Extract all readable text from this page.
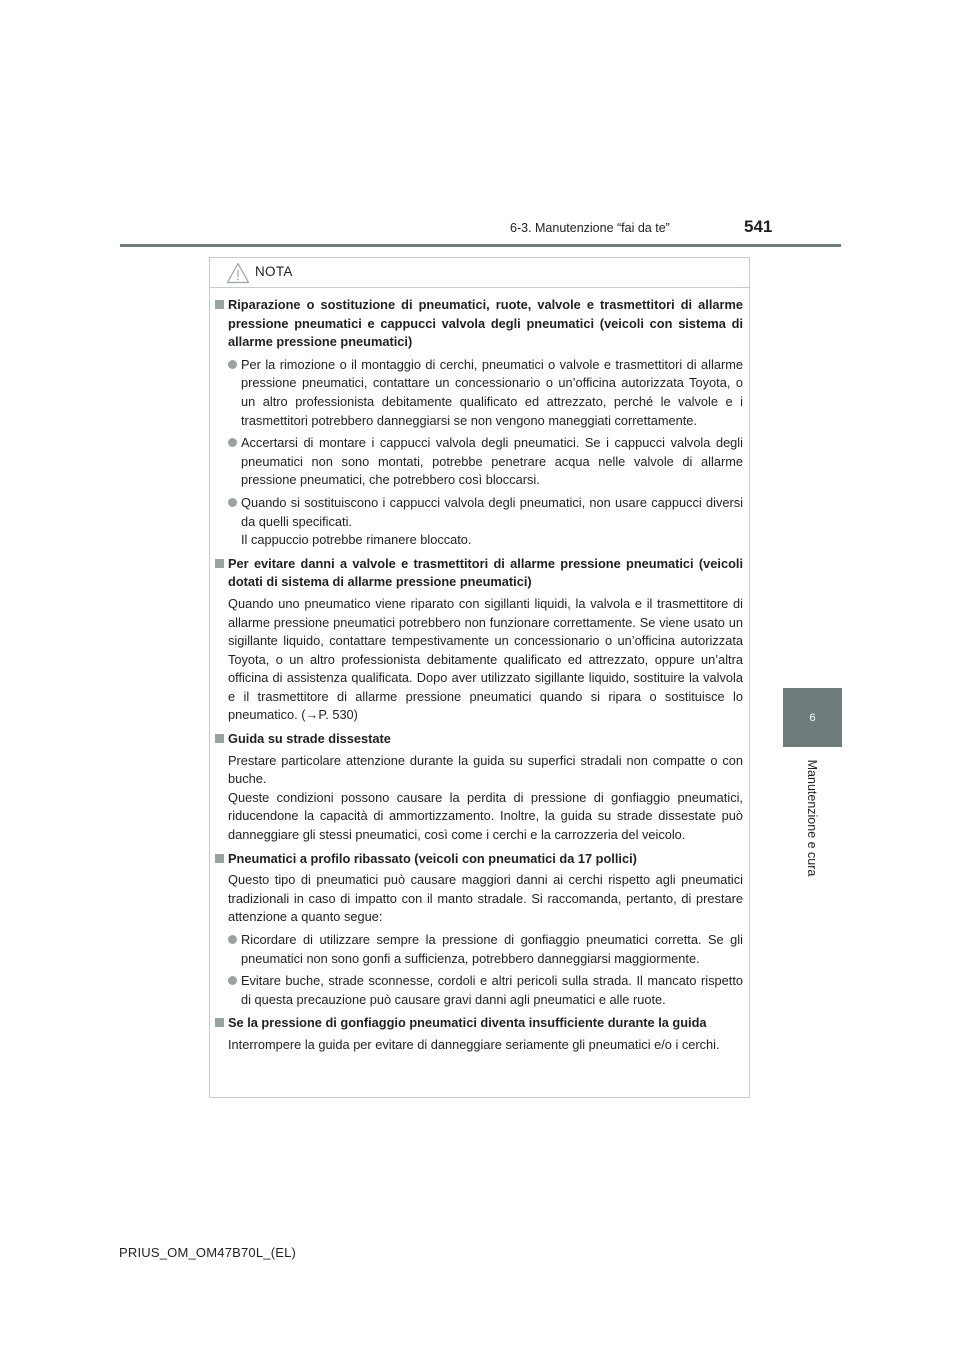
6-3. Manutenzione “fai da te”	541
6
Manutenzione e cura
NOTA
Riparazione o sostituzione di pneumatici, ruote, valvole e trasmettitori di allarme pressione pneumatici e cappucci valvola degli pneumatici (veicoli con sistema di allarme pressione pneumatici)
Per la rimozione o il montaggio di cerchi, pneumatici o valvole e trasmettitori di allarme pressione pneumatici, contattare un concessionario o un’officina autorizzata Toyota, o un altro professionista debitamente qualificato ed attrezzato, perché le valvole e i trasmettitori potrebbero danneggiarsi se non vengono maneggiati correttamente.
Accertarsi di montare i cappucci valvola degli pneumatici. Se i cappucci valvola degli pneumatici non sono montati, potrebbe penetrare acqua nelle valvole di allarme pressione pneumatici, che potrebbero così bloccarsi.
Quando si sostituiscono i cappucci valvola degli pneumatici, non usare cappucci diversi da quelli specificati.
Il cappuccio potrebbe rimanere bloccato.
Per evitare danni a valvole e trasmettitori di allarme pressione pneumatici (veicoli dotati di sistema di allarme pressione pneumatici)
Quando uno pneumatico viene riparato con sigillanti liquidi, la valvola e il trasmettitore di allarme pressione pneumatici potrebbero non funzionare correttamente. Se viene usato un sigillante liquido, contattare tempestivamente un concessionario o un’officina autorizzata Toyota, o un altro professionista debitamente qualificato ed attrezzato, oppure un’altra officina di assistenza qualificata. Dopo aver utilizzato sigillante liquido, sostituire la valvola e il trasmettitore di allarme pressione pneumatici quando si ripara o sostituisce lo pneumatico. (→P. 530)
Guida su strade dissestate
Prestare particolare attenzione durante la guida su superfici stradali non compatte o con buche.
Queste condizioni possono causare la perdita di pressione di gonfiaggio pneumatici, riducendone la capacità di ammortizzamento. Inoltre, la guida su strade dissestate può danneggiare gli stessi pneumatici, così come i cerchi e la carrozzeria del veicolo.
Pneumatici a profilo ribassato (veicoli con pneumatici da 17 pollici)
Questo tipo di pneumatici può causare maggiori danni ai cerchi rispetto agli pneumatici tradizionali in caso di impatto con il manto stradale. Si raccomanda, pertanto, di prestare attenzione a quanto segue:
Ricordare di utilizzare sempre la pressione di gonfiaggio pneumatici corretta. Se gli pneumatici non sono gonfi a sufficienza, potrebbero danneggiarsi maggiormente.
Evitare buche, strade sconnesse, cordoli e altri pericoli sulla strada. Il mancato rispetto di questa precauzione può causare gravi danni agli pneumatici e alle ruote.
Se la pressione di gonfiaggio pneumatici diventa insufficiente durante la guida
Interrompere la guida per evitare di danneggiare seriamente gli pneumatici e/o i cerchi.
PRIUS_OM_OM47B70L_(EL)
